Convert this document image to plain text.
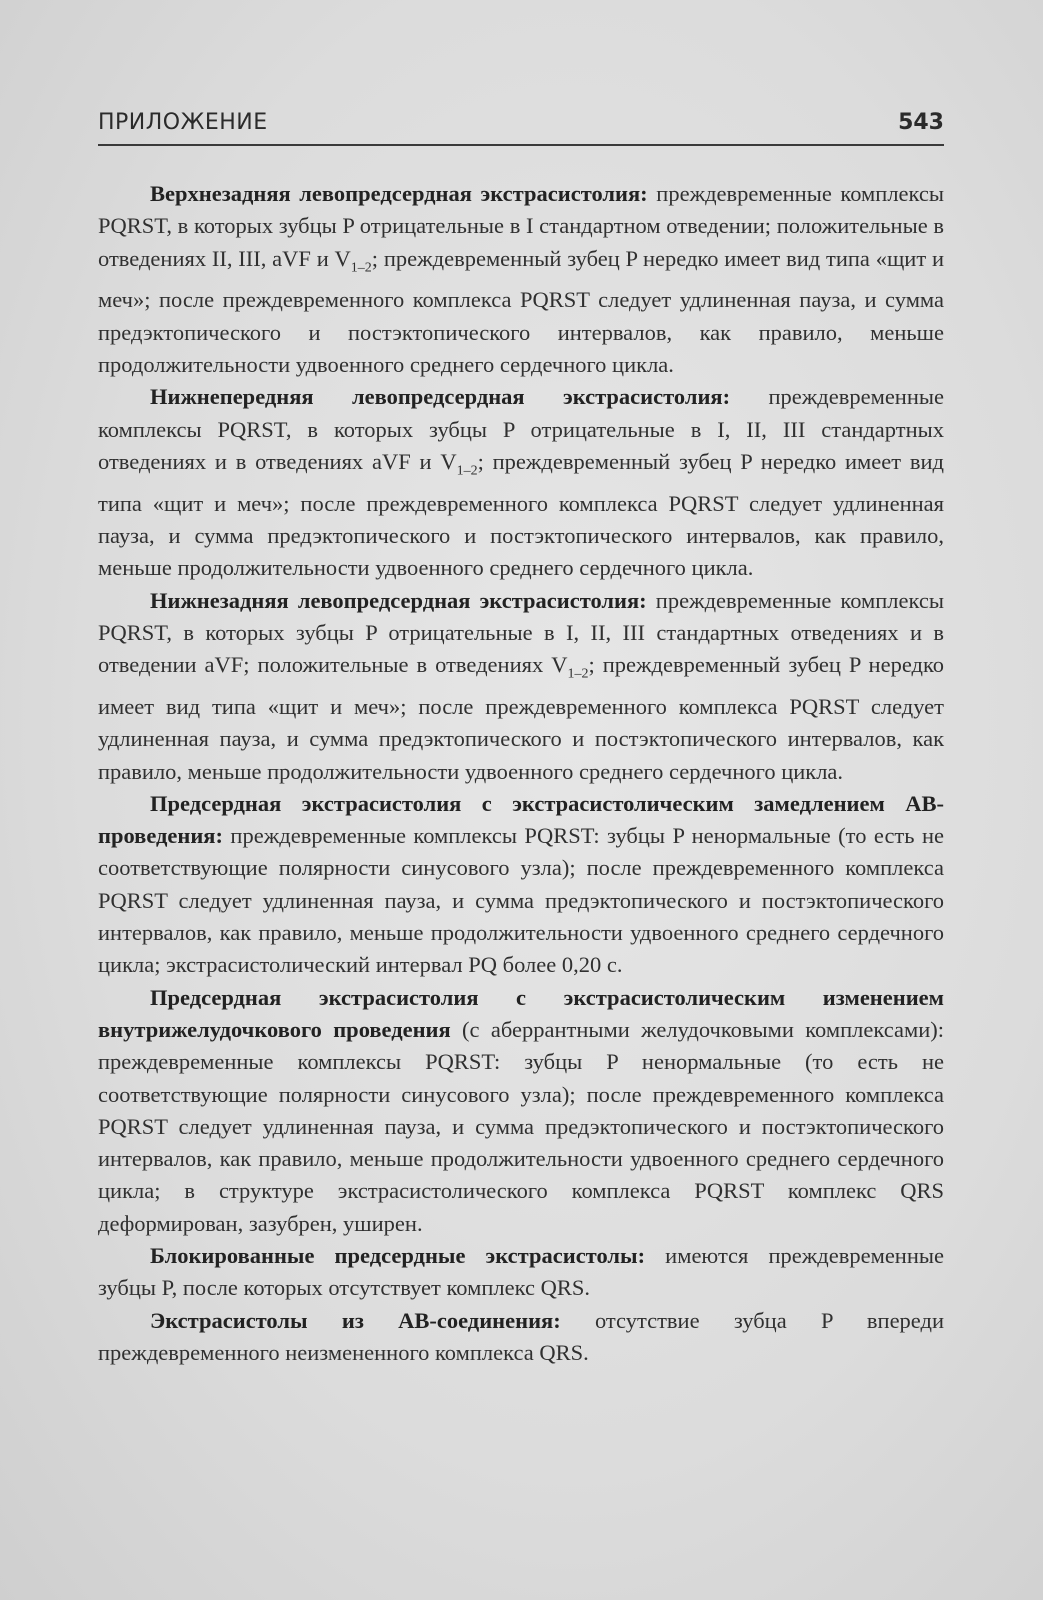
ПРИЛОЖЕНИЕ	543

Верхнезадняя левопредсердная экстрасистолия: преждевременные комплексы PQRST, в которых зубцы P отрицательные в I стандартном отведении; положительные в отведениях II, III, aVF и $V_{1-2}$; преждевременный зубец P нередко имеет вид типа «щит и меч»; после преждевременного комплекса PQRST следует удлиненная пауза, и сумма предэктопического и постэктопического интервалов, как правило, меньше продолжительности удвоенного среднего сердечного цикла.

Нижнепередняя левопредсердная экстрасистолия: преждевременные комплексы PQRST, в которых зубцы P отрицательные в I, II, III стандартных отведениях и в отведениях aVF и $V_{1-2}$; преждевременный зубец P нередко имеет вид типа «щит и меч»; после преждевременного комплекса PQRST следует удлиненная пауза, и сумма предэктопического и постэктопического интервалов, как правило, меньше продолжительности удвоенного среднего сердечного цикла.

Нижнезадняя левопредсердная экстрасистолия: преждевременные комплексы PQRST, в которых зубцы P отрицательные в I, II, III стандартных отведениях и в отведении aVF; положительные в отведениях $V_{1-2}$; преждевременный зубец P нередко имеет вид типа «щит и меч»; после преждевременного комплекса PQRST следует удлиненная пауза, и сумма предэктопического и постэктопического интервалов, как правило, меньше продолжительности удвоенного среднего сердечного цикла.

Предсердная экстрасистолия с экстрасистолическим замедлением АВ-проведения: преждевременные комплексы PQRST: зубцы P ненормальные (то есть не соответствующие полярности синусового узла); после преждевременного комплекса PQRST следует удлиненная пауза, и сумма предэктопического и постэктопического интервалов, как правило, меньше продолжительности удвоенного среднего сердечного цикла; экстрасистолический интервал PQ более 0,20 с.

Предсердная экстрасистолия с экстрасистолическим изменением внутрижелудочкового проведения (с аберрантными желудочковыми комплексами): преждевременные комплексы PQRST: зубцы P ненормальные (то есть не соответствующие полярности синусового узла); после преждевременного комплекса PQRST следует удлиненная пауза, и сумма предэктопического и постэктопического интервалов, как правило, меньше продолжительности удвоенного среднего сердечного цикла; в структуре экстрасистолического комплекса PQRST комплекс QRS деформирован, зазубрен, уширен.

Блокированные предсердные экстрасистолы: имеются преждевременные зубцы P, после которых отсутствует комплекс QRS.

Экстрасистолы из АВ-соединения: отсутствие зубца P впереди преждевременного неизмененного комплекса QRS.
